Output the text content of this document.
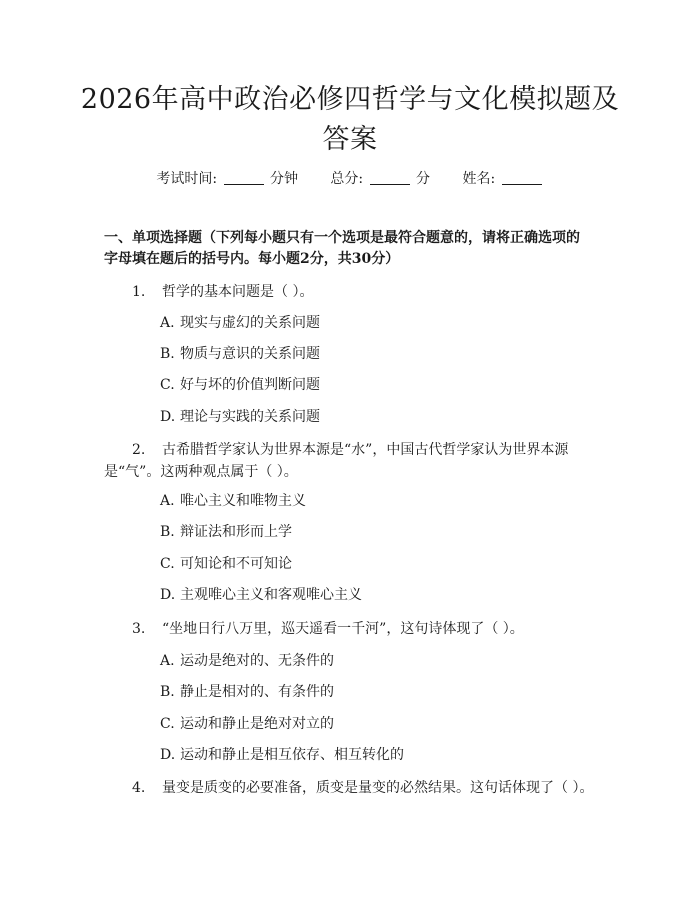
2026年高中政治必修四哲学与文化模拟题及
答案
考试时间:	分钟 总分:	分 姓名:
一、单项选择题（下列每小题只有一个选项是最符合题意的，请将正确选项的字母填在题后的括号内。每小题2分，共30分）
1. 哲学的基本问题是（ ）。
A. 现实与虚幻的关系问题
B. 物质与意识的关系问题
C. 好与坏的价值判断问题
D. 理论与实践的关系问题
2. 古希腊哲学家认为世界本源是“水”，中国古代哲学家认为世界本源是“气”。这两种观点属于（ ）。
A. 唯心主义和唯物主义
B. 辩证法和形而上学
C. 可知论和不可知论
D. 主观唯心主义和客观唯心主义
3. “坐地日行八万里，巡天遥看一千河”，这句诗体现了（ ）。
A. 运动是绝对的、无条件的
B. 静止是相对的、有条件的
C. 运动和静止是绝对对立的
D. 运动和静止是相互依存、相互转化的
4. 量变是质变的必要准备，质变是量变的必然结果。这句话体现了（ ）。
